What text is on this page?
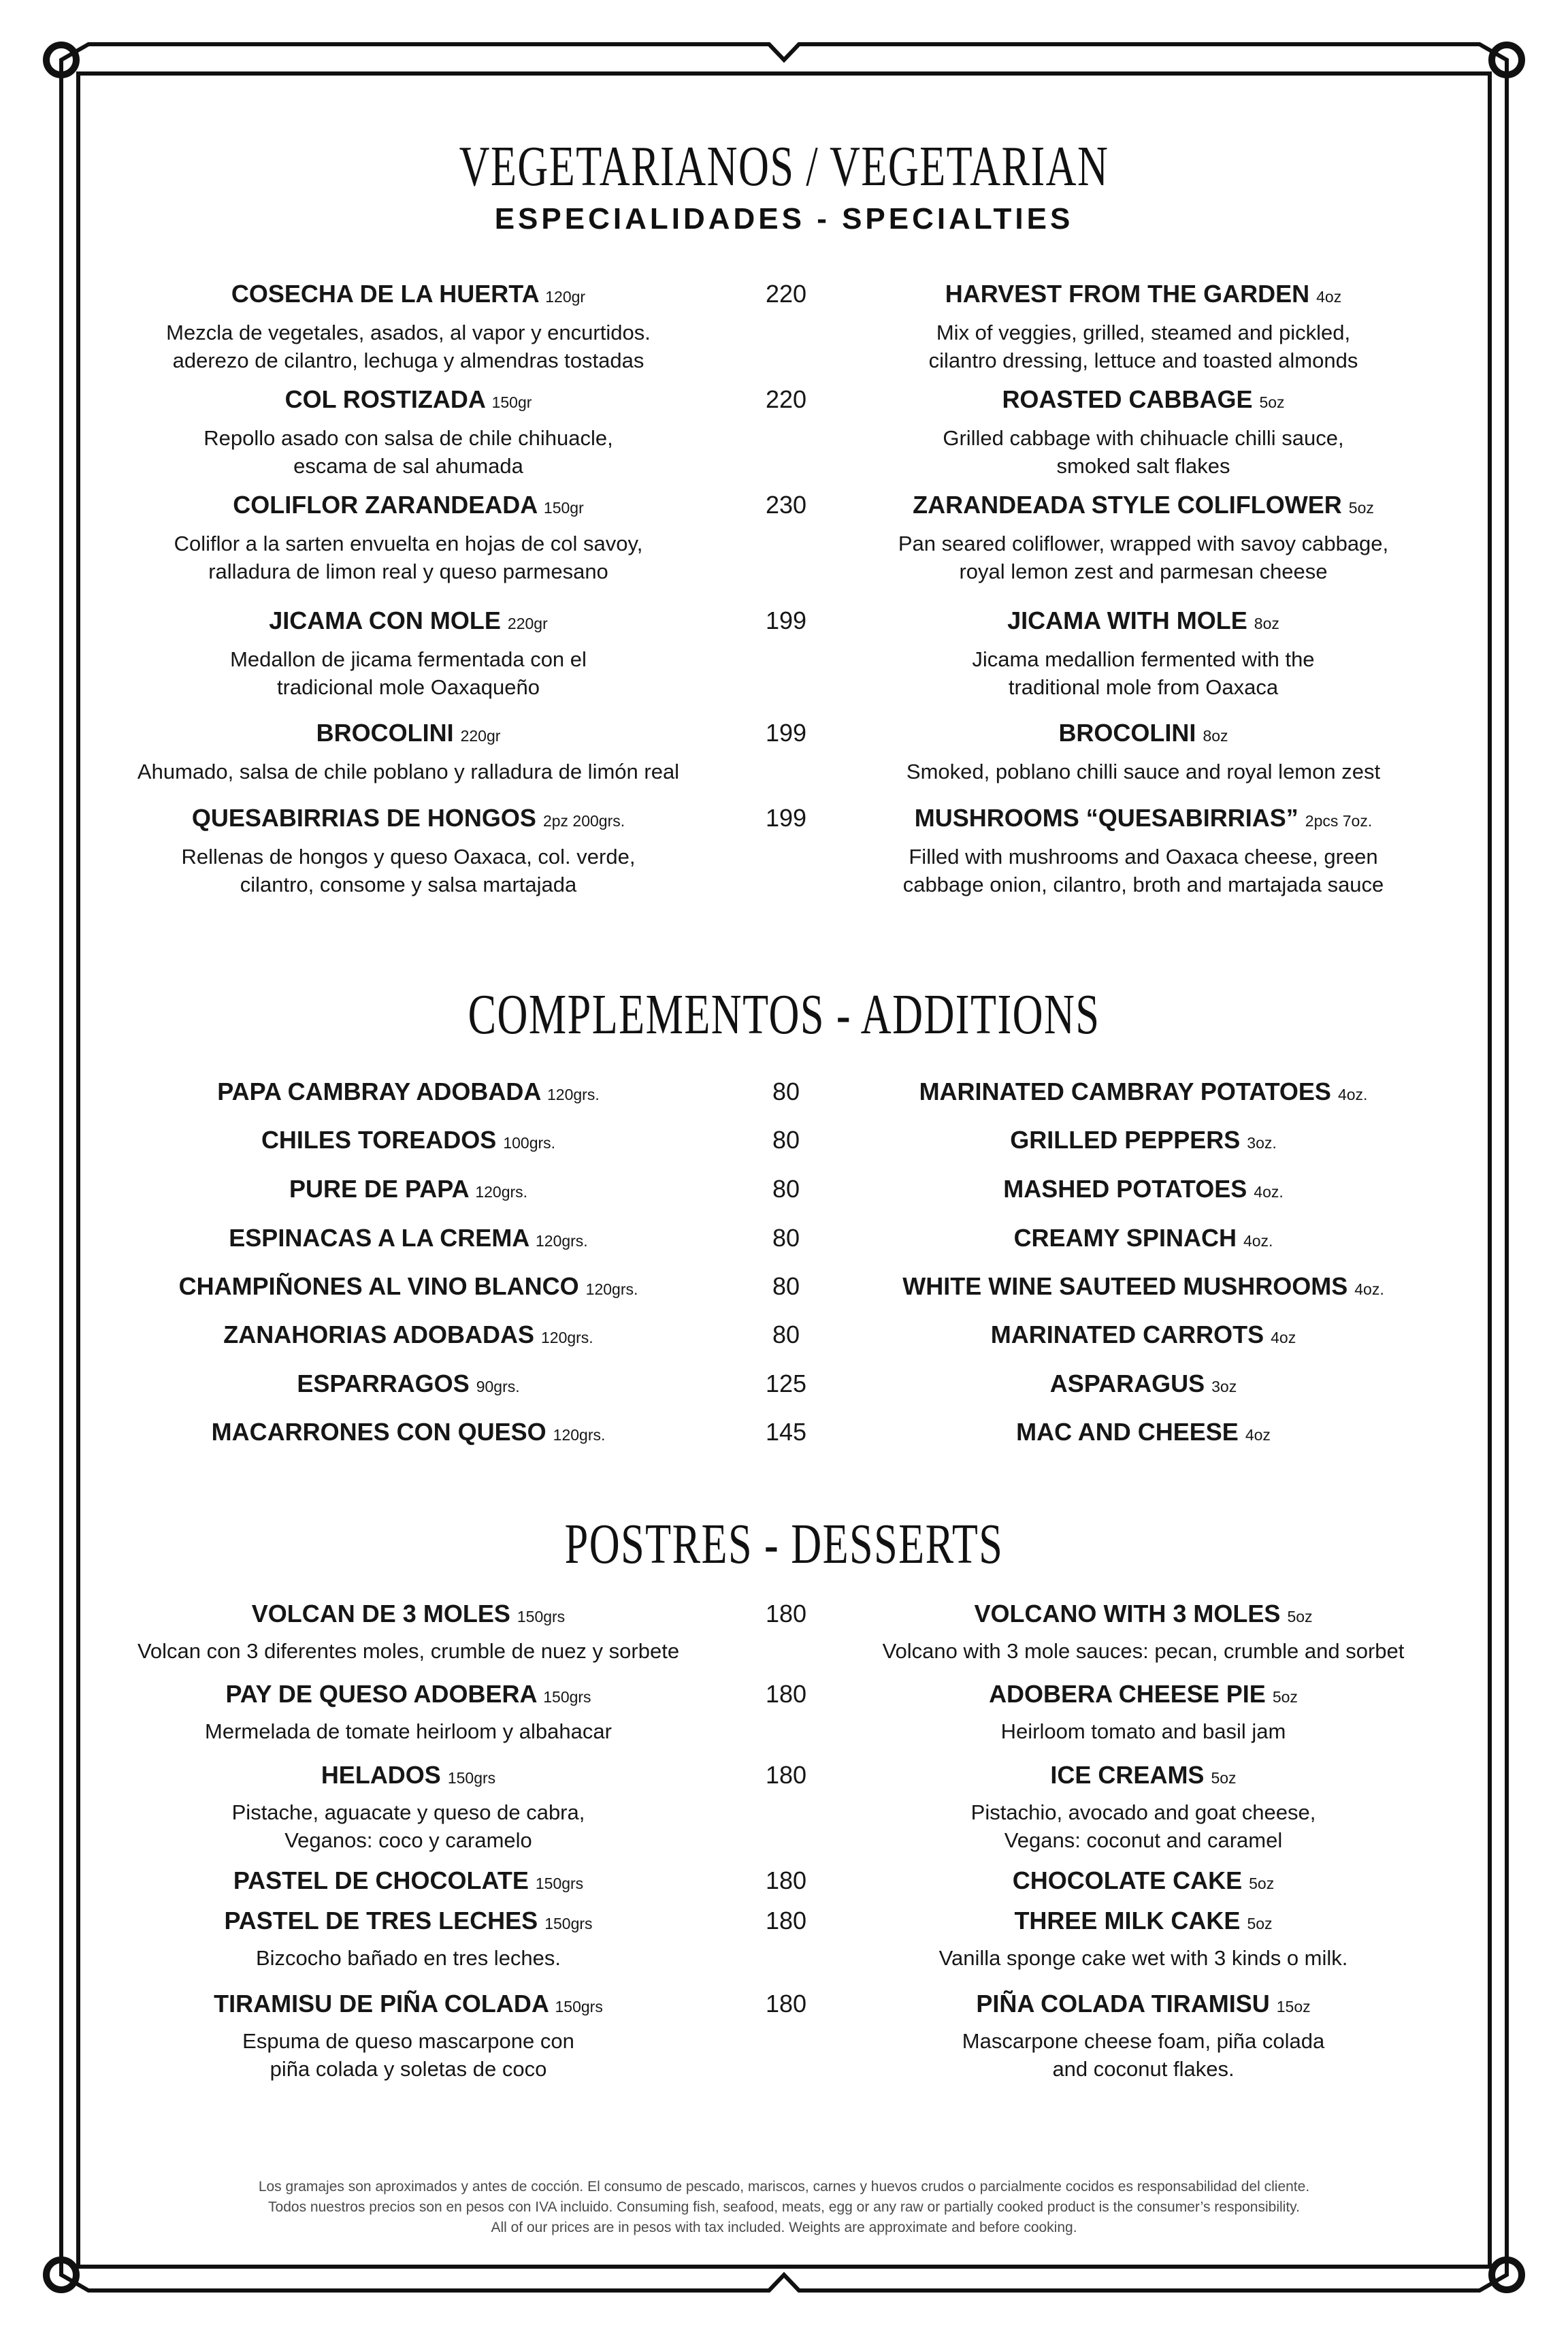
VEGETARIANOS / VEGETARIAN
ESPECIALIDADES - SPECIALTIES
COSECHA DE LA HUERTA 120gr	220	HARVEST FROM THE GARDEN 4oz
Mezcla de vegetales, asados, al vapor y encurtidos.
aderezo de cilantro, lechuga y almendras tostadas
Mix of veggies, grilled, steamed and pickled,
cilantro dressing, lettuce and toasted almonds
COL ROSTIZADA 150gr	220	ROASTED CABBAGE 5oz
Repollo asado con salsa de chile chihuacle,
escama de sal ahumada
Grilled cabbage with chihuacle chilli sauce,
smoked salt flakes
COLIFLOR ZARANDEADA 150gr	230	ZARANDEADA STYLE COLIFLOWER 5oz
Coliflor a la sarten envuelta en hojas de col savoy,
ralladura de limon real y queso parmesano
Pan seared coliflower, wrapped with savoy cabbage,
royal lemon zest and parmesan cheese
JICAMA CON MOLE 220gr	199	JICAMA WITH MOLE 8oz
Medallon de jicama fermentada con el
tradicional mole Oaxaqueño
Jicama medallion fermented with the
traditional mole from Oaxaca
BROCOLINI 220gr	199	BROCOLINI 8oz
Ahumado, salsa de chile poblano y ralladura de limón real	Smoked, poblano chilli sauce and royal lemon zest
QUESABIRRIAS DE HONGOS 2pz 200grs.	199	MUSHROOMS “QUESABIRRIAS” 2pcs 7oz.
Rellenas de hongos y queso Oaxaca, col. verde,
cilantro, consome y salsa martajada
Filled with mushrooms and Oaxaca cheese, green
cabbage onion, cilantro, broth and martajada sauce
COMPLEMENTOS - ADDITIONS
PAPA CAMBRAY ADOBADA 120grs.	80	MARINATED CAMBRAY POTATOES 4oz.
CHILES TOREADOS 100grs.	80	GRILLED PEPPERS 3oz.
PURE DE PAPA 120grs.	80	MASHED POTATOES 4oz.
ESPINACAS A LA CREMA 120grs.	80	CREAMY SPINACH 4oz.
CHAMPIÑONES AL VINO BLANCO 120grs.	80	WHITE WINE SAUTEED MUSHROOMS 4oz.
ZANAHORIAS ADOBADAS 120grs.	80	MARINATED CARROTS 4oz
ESPARRAGOS 90grs.	125	ASPARAGUS 3oz
MACARRONES CON QUESO 120grs.	145	MAC AND CHEESE 4oz
POSTRES - DESSERTS
VOLCAN DE 3 MOLES 150grs	180	VOLCANO WITH 3 MOLES 5oz
Volcan con 3 diferentes moles, crumble de nuez y sorbete	Volcano with 3 mole sauces: pecan, crumble and sorbet
PAY DE QUESO ADOBERA 150grs	180	ADOBERA CHEESE PIE 5oz
Mermelada de tomate heirloom y albahacar	Heirloom tomato and basil jam
HELADOS 150grs	180	ICE CREAMS 5oz
Pistache, aguacate y queso de cabra,
Veganos: coco y caramelo
Pistachio, avocado and goat cheese,
Vegans: coconut and caramel
PASTEL DE CHOCOLATE 150grs	180	CHOCOLATE CAKE 5oz
PASTEL DE TRES LECHES 150grs	180	THREE MILK CAKE 5oz
Bizcocho bañado en tres leches.	Vanilla sponge cake wet with 3 kinds o milk.
TIRAMISU DE PIÑA COLADA 150grs	180	PIÑA COLADA TIRAMISU 15oz
Espuma de queso mascarpone con
piña colada y soletas de coco
Mascarpone cheese foam, piña colada
and coconut flakes.
Los gramajes son aproximados y antes de cocción. El consumo de pescado, mariscos, carnes y huevos crudos o parcialmente cocidos es responsabilidad del cliente.
Todos nuestros precios son en pesos con IVA incluido. Consuming fish, seafood, meats, egg or any raw or partially cooked product is the consumer’s responsibility.
All of our prices are in pesos with tax included. Weights are approximate and before cooking.
